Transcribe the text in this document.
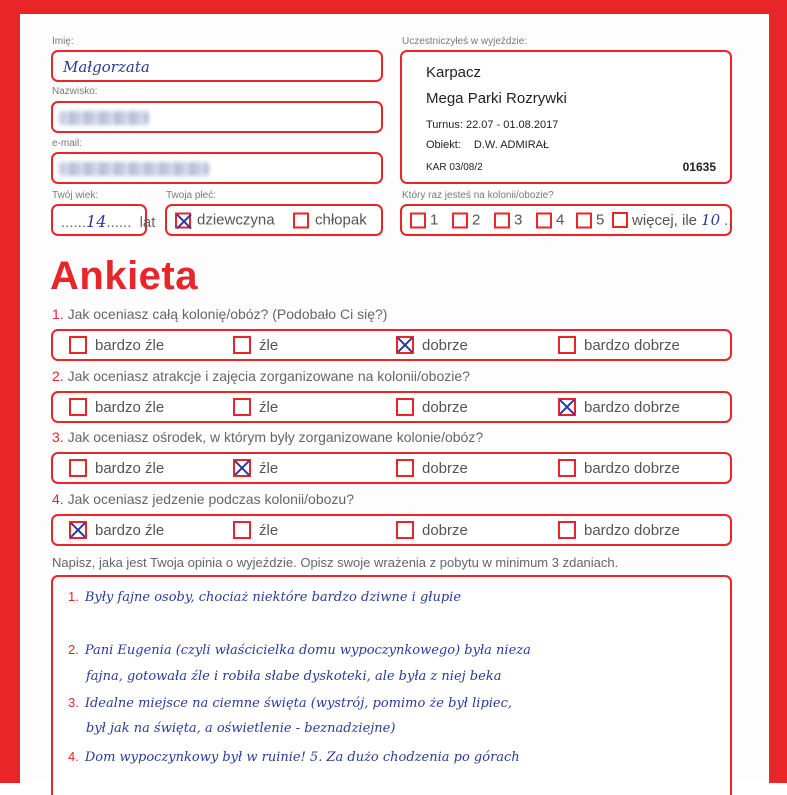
Imię:
Małgorzata
Nazwisko:
e-mail:
Twój wiek:
......14...... lat
Twoja płeć:
dziewczyna	chłopak
Uczestniczyłeś w wyjeździe:
Karpacz
Mega Parki Rozrywki
Turnus: 22.07 - 01.08.2017
Obiekt: D.W. ADMIRAŁ
KAR 03/08/2	01635
Który raz jesteś na kolonii/obozie?
1 2 3 4 5 więcej, ile 10 ..
Ankieta
1. Jak oceniasz całą kolonię/obóz? (Podobało Ci się?)
bardzo źle	źle	dobrze	bardzo dobrze
2. Jak oceniasz atrakcje i zajęcia zorganizowane na kolonii/obozie?
bardzo źle	źle	dobrze	bardzo dobrze
3. Jak oceniasz ośrodek, w którym były zorganizowane kolonie/obóz?
bardzo źle	źle	dobrze	bardzo dobrze
4. Jak oceniasz jedzenie podczas kolonii/obozu?
bardzo źle	źle	dobrze	bardzo dobrze
Napisz, jaka jest Twoja opinia o wyjeździe. Opisz swoje wrażenia z pobytu w minimum 3 zdaniach.
1. Były fajne osoby, chociaż niektóre bardzo dziwne i głupie
2. Pani Eugenia (czyli właścicielka domu wypoczynkowego) była nieza
fajna, gotowała źle i robiła słabe dyskoteki, ale była z niej beka
3. Idealne miejsce na ciemne święta (wystrój, pomimo że był lipiec,
był jak na święta, a oświetlenie - beznadziejne)
4. Dom wypoczynkowy był w ruinie! 5. Za dużo chodzenia po górach
